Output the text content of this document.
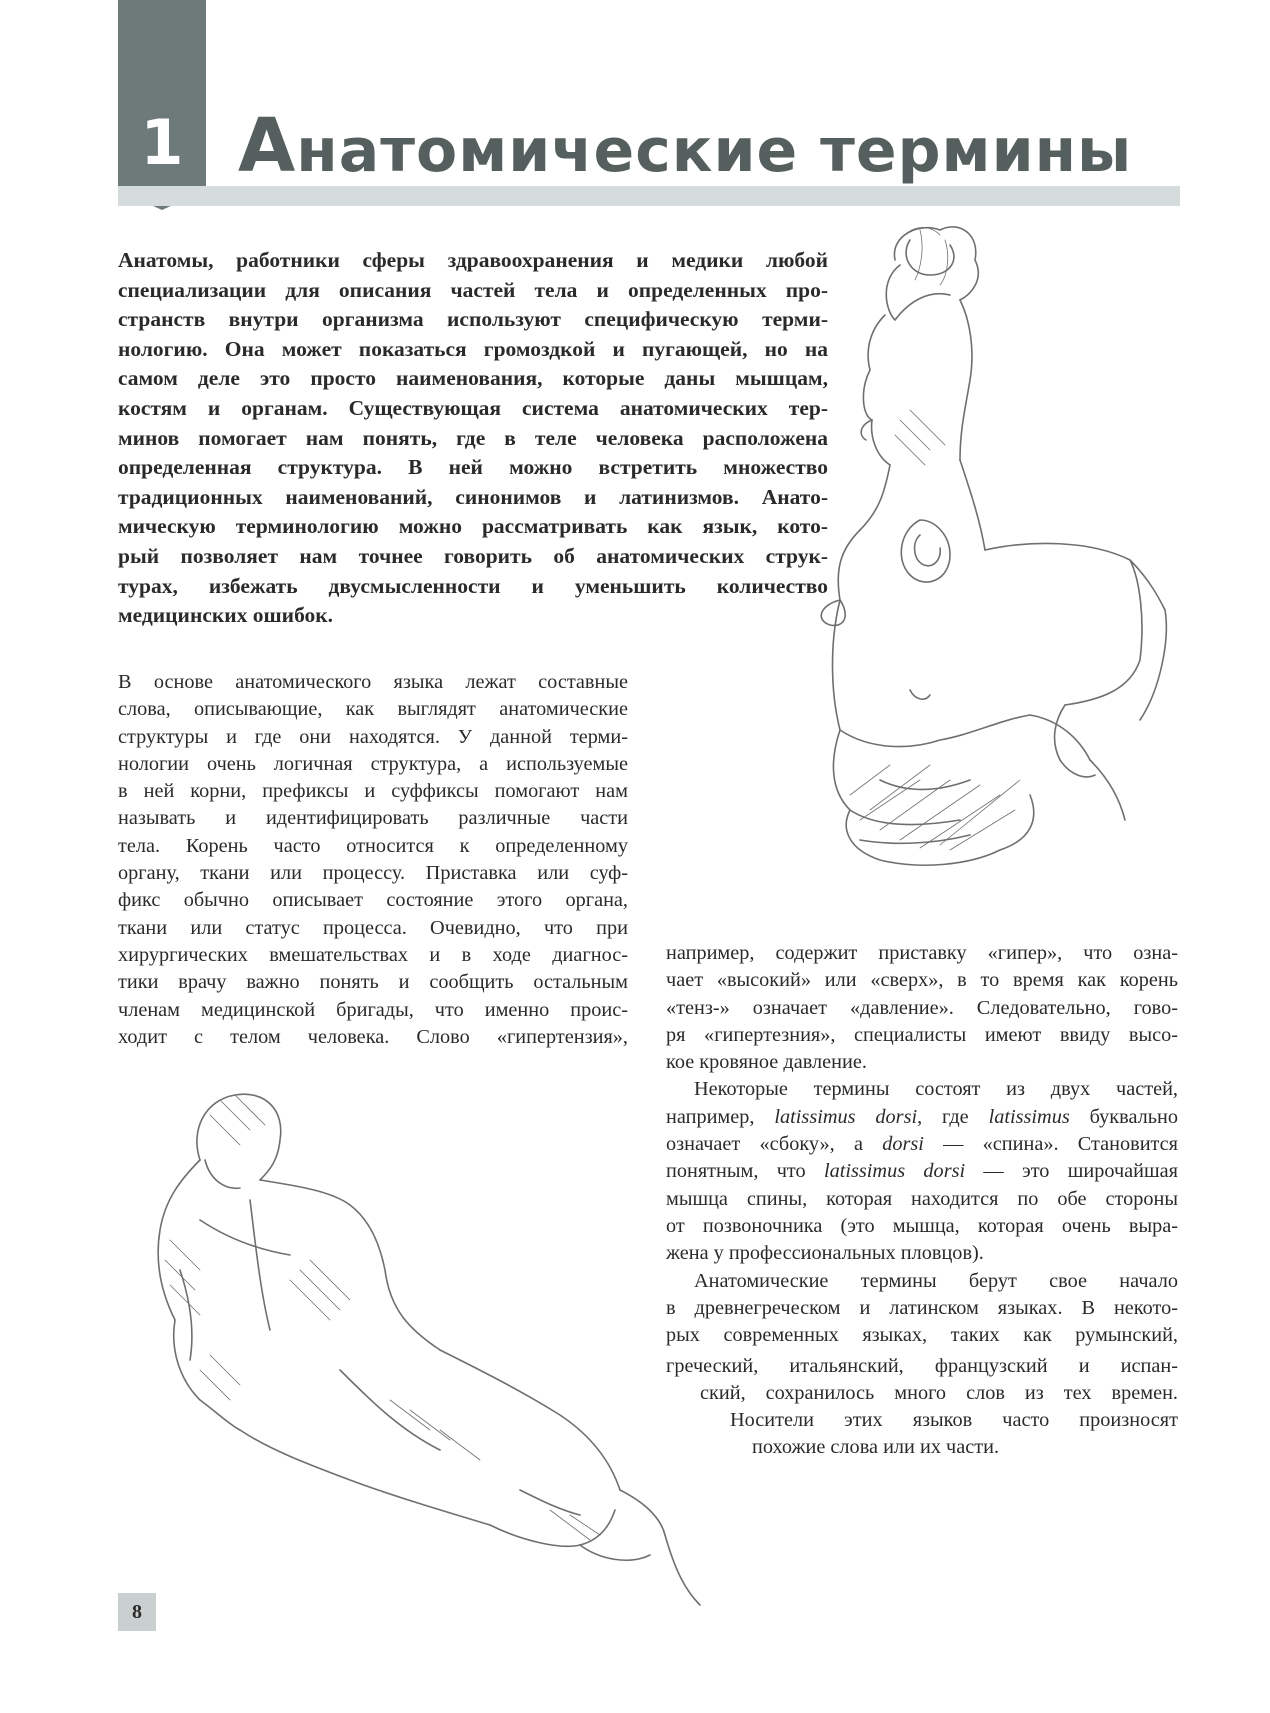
1 Анатомические термины
Анатомы, работники сферы здравоохранения и медики любой
специализации для описания частей тела и определенных про-
странств внутри организма используют специфическую терми-
нологию. Она может показаться громоздкой и пугающей, но на
самом деле это просто наименования, которые даны мышцам,
костям и органам. Существующая система анатомических тер-
минов помогает нам понять, где в теле человека расположена
определенная структура. В ней можно встретить множество
традиционных наименований, синонимов и латинизмов. Анато-
мическую терминологию можно рассматривать как язык, кото-
рый позволяет нам точнее говорить об анатомических струк-
турах, избежать двусмысленности и уменьшить количество
медицинских ошибок.
В основе анатомического языка лежат составные
слова, описывающие, как выглядят анатомические
структуры и где они находятся. У данной терми-
нологии очень логичная структура, а используемые
в ней корни, префиксы и суффиксы помогают нам
называть и идентифицировать различные части
тела. Корень часто относится к определенному
органу, ткани или процессу. Приставка или суф-
фикс обычно описывает состояние этого органа,
ткани или статус процесса. Очевидно, что при
хирургических вмешательствах и в ходе диагнос-
тики врачу важно понять и сообщить остальным
членам медицинской бригады, что именно проис-
ходит с телом человека. Слово «гипертензия»,
например, содержит приставку «гипер», что озна-
чает «высокий» или «сверх», в то время как корень
«тенз-» означает «давление». Следовательно, гово-
ря «гипертезния», специалисты имеют ввиду высо-
кое кровяное давление.
Некоторые термины состоят из двух частей,
например, latissimus dorsi, где latissimus буквально
означает «сбоку», а dorsi — «спина». Становится
понятным, что latissimus dorsi — это широчайшая
мышца спины, которая находится по обе стороны
от позвоночника (это мышца, которая очень выра-
жена у профессиональных пловцов).
Анатомические термины берут свое начало
в древнегреческом и латинском языках. В некото-
рых современных языках, таких как румынский,
греческий, итальянский, французский и испан-
ский, сохранилось много слов из тех времен.
Носители этих языков часто произносят
похожие слова или их части.
8
